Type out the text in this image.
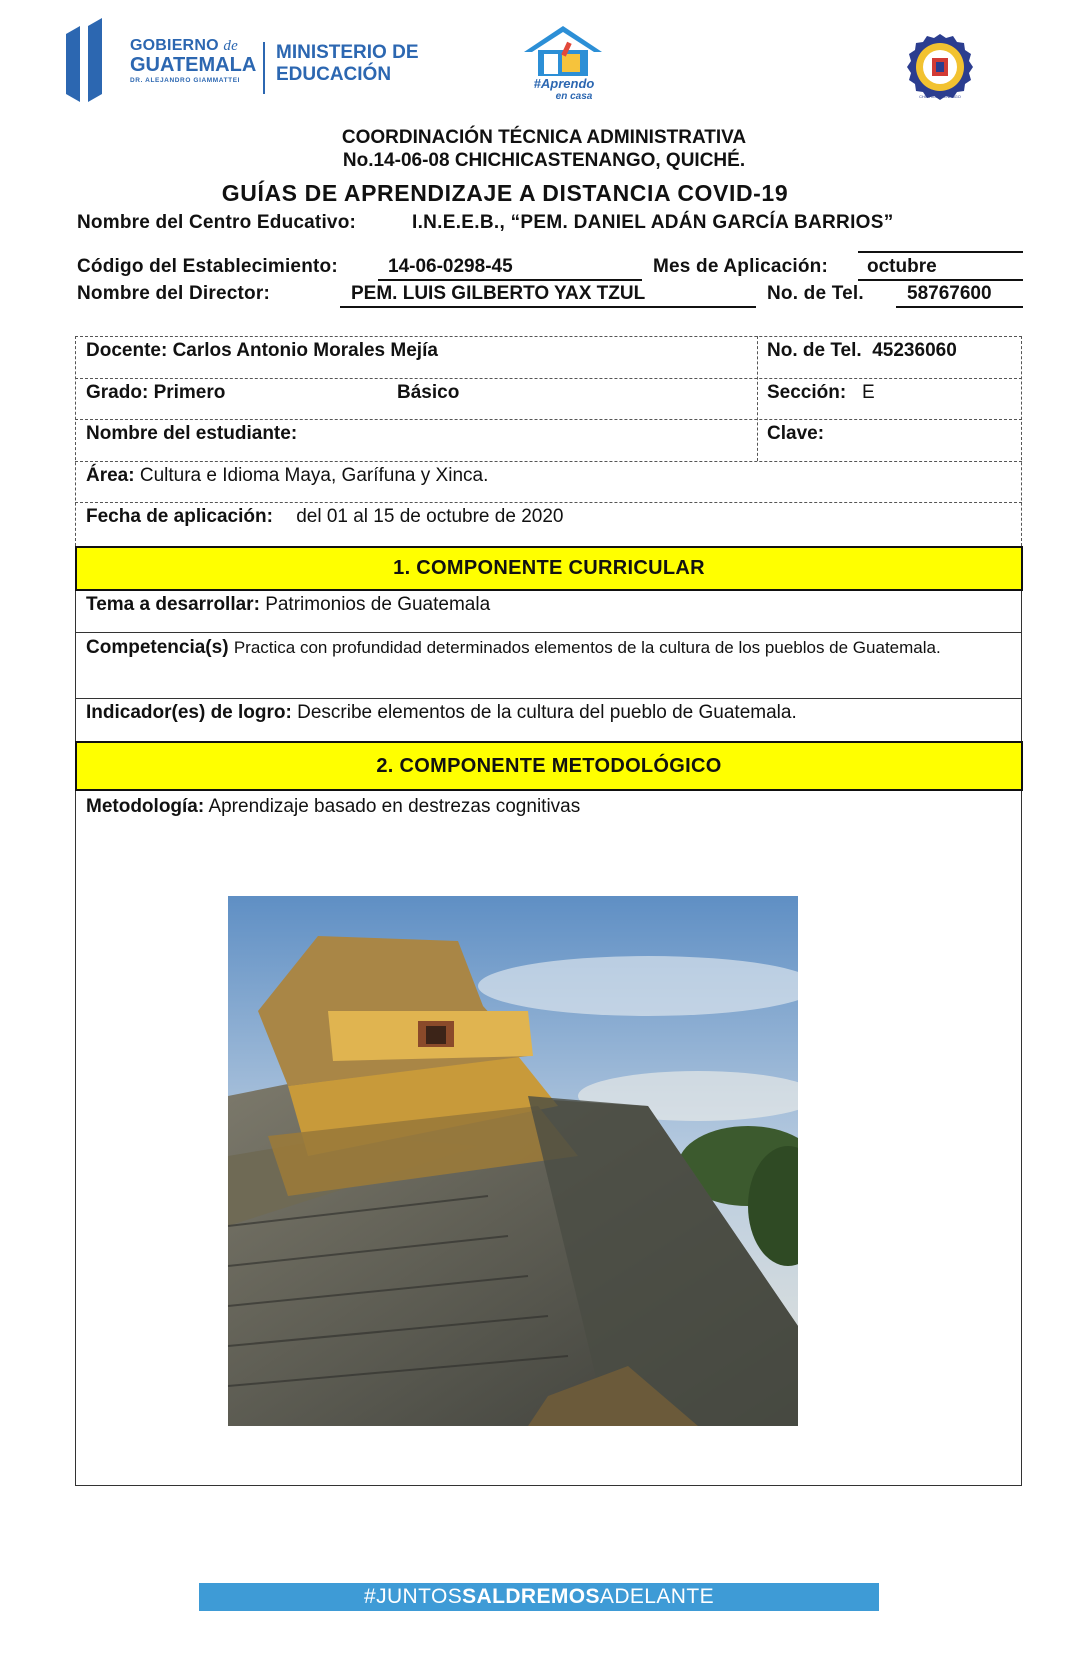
GOBIERNO de
GUATEMALA
DR. ALEJANDRO GIAMMATTEI
MINISTERIO DE
EDUCACIÓN	#Aprendo
en casa	CHICHICASTENANGO
COORDINACIÓN TÉCNICA ADMINISTRATIVA
No.14-06-08 CHICHICASTENANGO, QUICHÉ.
GUÍAS DE APRENDIZAJE A DISTANCIA COVID-19
Nombre del Centro Educativo:	I.N.E.E.B., “PEM. DANIEL ADÁN GARCÍA BARRIOS”
Código del Establecimiento:	14-06-0298-45	Mes de Aplicación: octubre
Nombre del Director:	PEM. LUIS GILBERTO YAX TZUL	No. de Tel. 58767600
Docente: Carlos Antonio Morales Mejía	No. de Tel. 45236060
Grado: Primero	Básico	Sección: E
Nombre del estudiante:	Clave:
Área: Cultura e Idioma Maya, Garífuna y Xinca.
Fecha de aplicación: del 01 al 15 de octubre de 2020
1. COMPONENTE CURRICULAR
Tema a desarrollar: Patrimonios de Guatemala
Competencia(s) Practica con profundidad determinados elementos de la cultura de los pueblos de Guatemala.
Indicador(es) de logro: Describe elementos de la cultura del pueblo de Guatemala.
2. COMPONENTE METODOLÓGICO
Metodología: Aprendizaje basado en destrezas cognitivas
#JUNTOSSALDREMOSADELANTE
